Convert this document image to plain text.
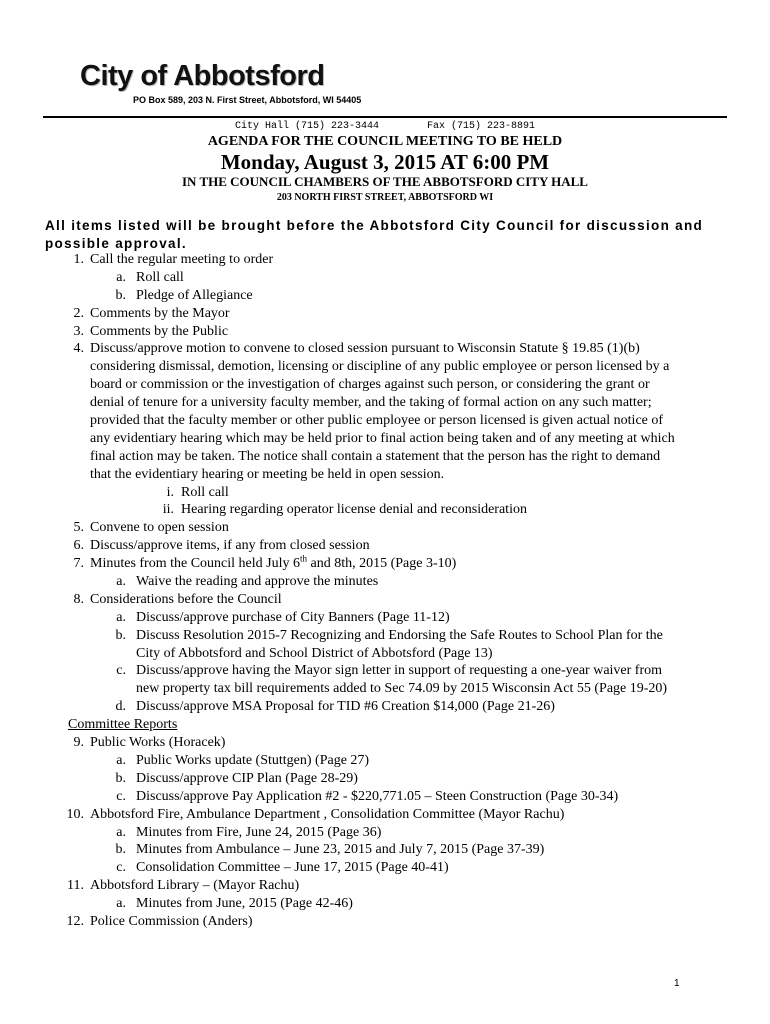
City of Abbotsford
PO Box 589, 203 N. First Street, Abbotsford, WI 54405
City Hall (715) 223-3444        Fax (715) 223-8891
AGENDA FOR THE COUNCIL MEETING TO BE HELD
Monday, August 3, 2015 AT 6:00 PM
IN THE COUNCIL CHAMBERS OF THE ABBOTSFORD CITY HALL
203 NORTH FIRST STREET, ABBOTSFORD WI
All items listed will be brought before the Abbotsford City Council for discussion and possible approval.
1. Call the regular meeting to order
a. Roll call
b. Pledge of Allegiance
2. Comments by the Mayor
3. Comments by the Public
4. Discuss/approve motion to convene to closed session pursuant to Wisconsin Statute § 19.85 (1)(b)
considering dismissal, demotion, licensing or discipline of any public employee or person licensed by a
board or commission or the investigation of charges against such person, or considering the grant or
denial of tenure for a university faculty member, and the taking of formal action on any such matter;
provided that the faculty member or other public employee or person licensed is given actual notice of
any evidentiary hearing which may be held prior to final action being taken and of any meeting at which
final action may be taken. The notice shall contain a statement that the person has the right to demand
that the evidentiary hearing or meeting be held in open session.
i. Roll call
ii. Hearing regarding operator license denial and reconsideration
5. Convene to open session
6. Discuss/approve items, if any from closed session
7. Minutes from the Council held July 6th and 8th, 2015 (Page 3-10)
a. Waive the reading and approve the minutes
8. Considerations before the Council
a. Discuss/approve purchase of City Banners (Page 11-12)
b. Discuss Resolution 2015-7 Recognizing and Endorsing the Safe Routes to School Plan for the
City of Abbotsford and School District of Abbotsford (Page 13)
c. Discuss/approve having the Mayor sign letter in support of requesting a one-year waiver from
new property tax bill requirements added to Sec 74.09 by 2015 Wisconsin Act 55 (Page 19-20)
d. Discuss/approve MSA Proposal for TID #6 Creation $14,000 (Page 21-26)
Committee Reports
9. Public Works (Horacek)
a. Public Works update (Stuttgen) (Page 27)
b. Discuss/approve CIP Plan (Page 28-29)
c. Discuss/approve Pay Application #2 - $220,771.05 – Steen Construction (Page 30-34)
10. Abbotsford Fire, Ambulance Department , Consolidation Committee (Mayor Rachu)
a. Minutes from Fire, June 24, 2015 (Page 36)
b. Minutes from Ambulance – June 23, 2015 and July 7, 2015 (Page 37-39)
c. Consolidation Committee – June 17, 2015 (Page 40-41)
11. Abbotsford Library – (Mayor Rachu)
a. Minutes from June, 2015 (Page 42-46)
12. Police Commission (Anders)
1
